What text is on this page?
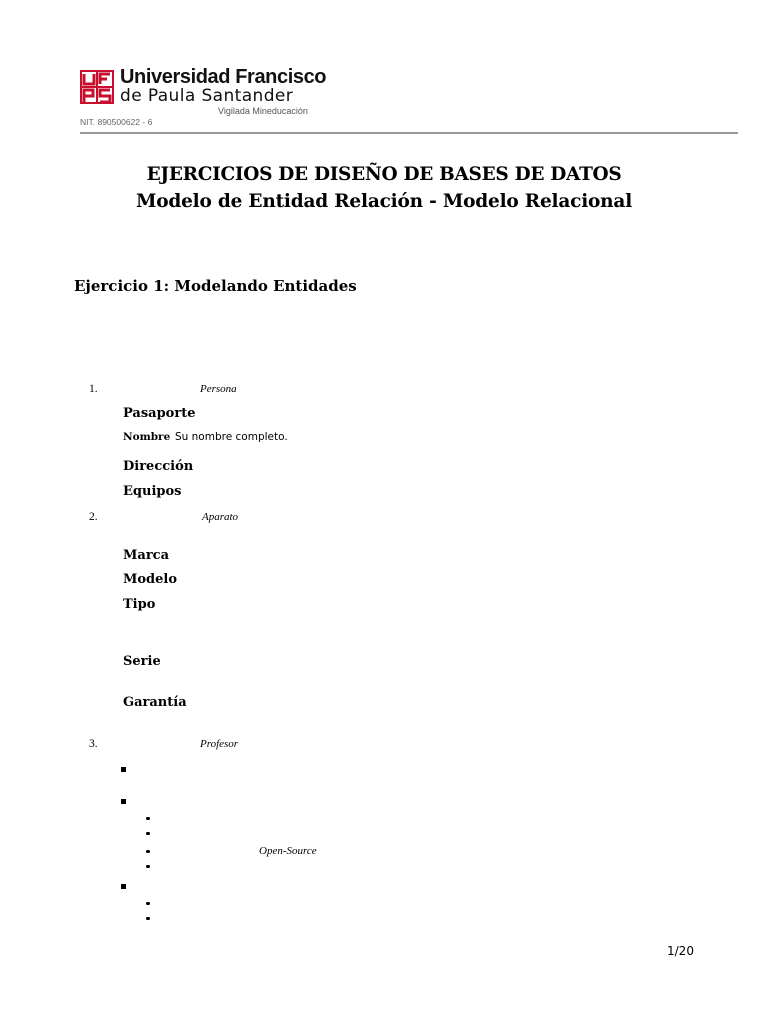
Universidad Francisco
de Paula Santander
Vigilada Mineducación
NIT. 890500622 - 6
EJERCICIOS DE DISEÑO DE BASES DE DATOS
Modelo de Entidad Relación - Modelo Relacional
Ejercicio 1: Modelando Entidades
1.	Persona
Pasaporte
Nombre Su nombre completo.
Dirección
Equipos
2.	Aparato
Marca
Modelo
Tipo
Serie
Garantía
3.	Profesor
Open-Source
1/20
